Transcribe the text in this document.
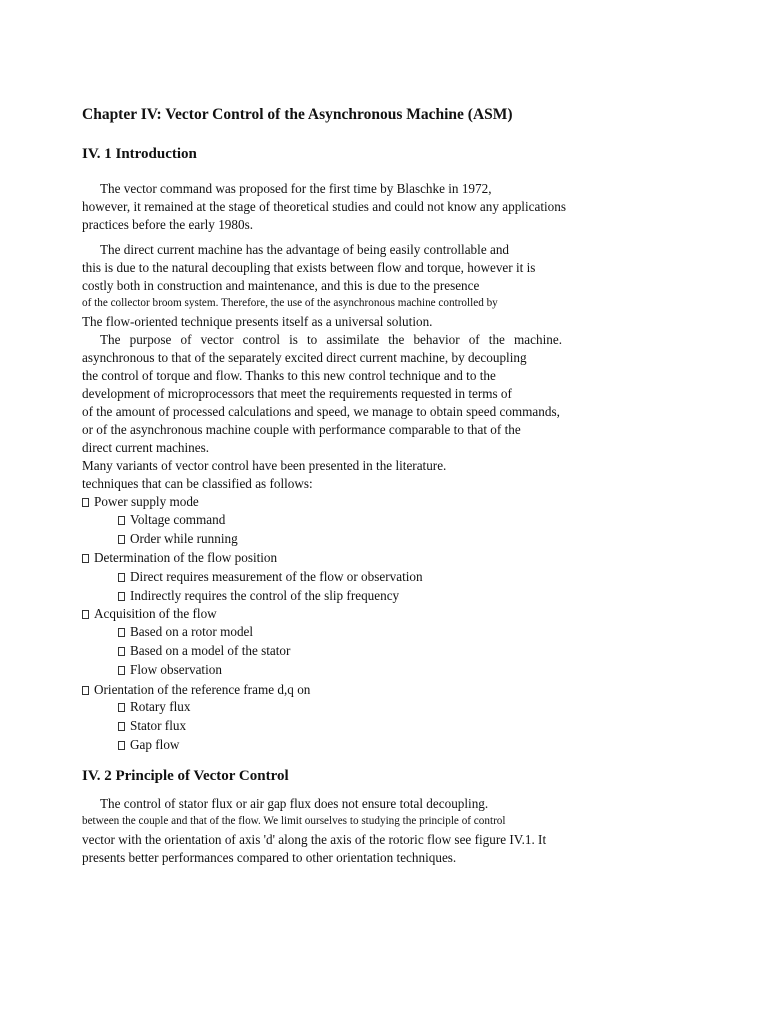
Chapter IV: Vector Control of the Asynchronous Machine (ASM)
IV. 1 Introduction
The vector command was proposed for the first time by Blaschke in 1972,
however, it remained at the stage of theoretical studies and could not know any applications
practices before the early 1980s.
The direct current machine has the advantage of being easily controllable and
this is due to the natural decoupling that exists between flow and torque, however it is
costly both in construction and maintenance, and this is due to the presence
of the collector broom system. Therefore, the use of the asynchronous machine controlled by
The flow-oriented technique presents itself as a universal solution.
The purpose of vector control is to assimilate the behavior of the machine.
asynchronous to that of the separately excited direct current machine, by decoupling
the control of torque and flow. Thanks to this new control technique and to the
development of microprocessors that meet the requirements requested in terms of
of the amount of processed calculations and speed, we manage to obtain speed commands,
or of the asynchronous machine couple with performance comparable to that of the
direct current machines.
Many variants of vector control have been presented in the literature.
techniques that can be classified as follows:
Power supply mode
Voltage command
Order while running
Determination of the flow position
Direct requires measurement of the flow or observation
Indirectly requires the control of the slip frequency
Acquisition of the flow
Based on a rotor model
Based on a model of the stator
Flow observation
Orientation of the reference frame d,q on
Rotary flux
Stator flux
Gap flow
IV. 2 Principle of Vector Control
The control of stator flux or air gap flux does not ensure total decoupling.
between the couple and that of the flow. We limit ourselves to studying the principle of control
vector with the orientation of axis 'd' along the axis of the rotoric flow see figure IV.1. It
presents better performances compared to other orientation techniques.
